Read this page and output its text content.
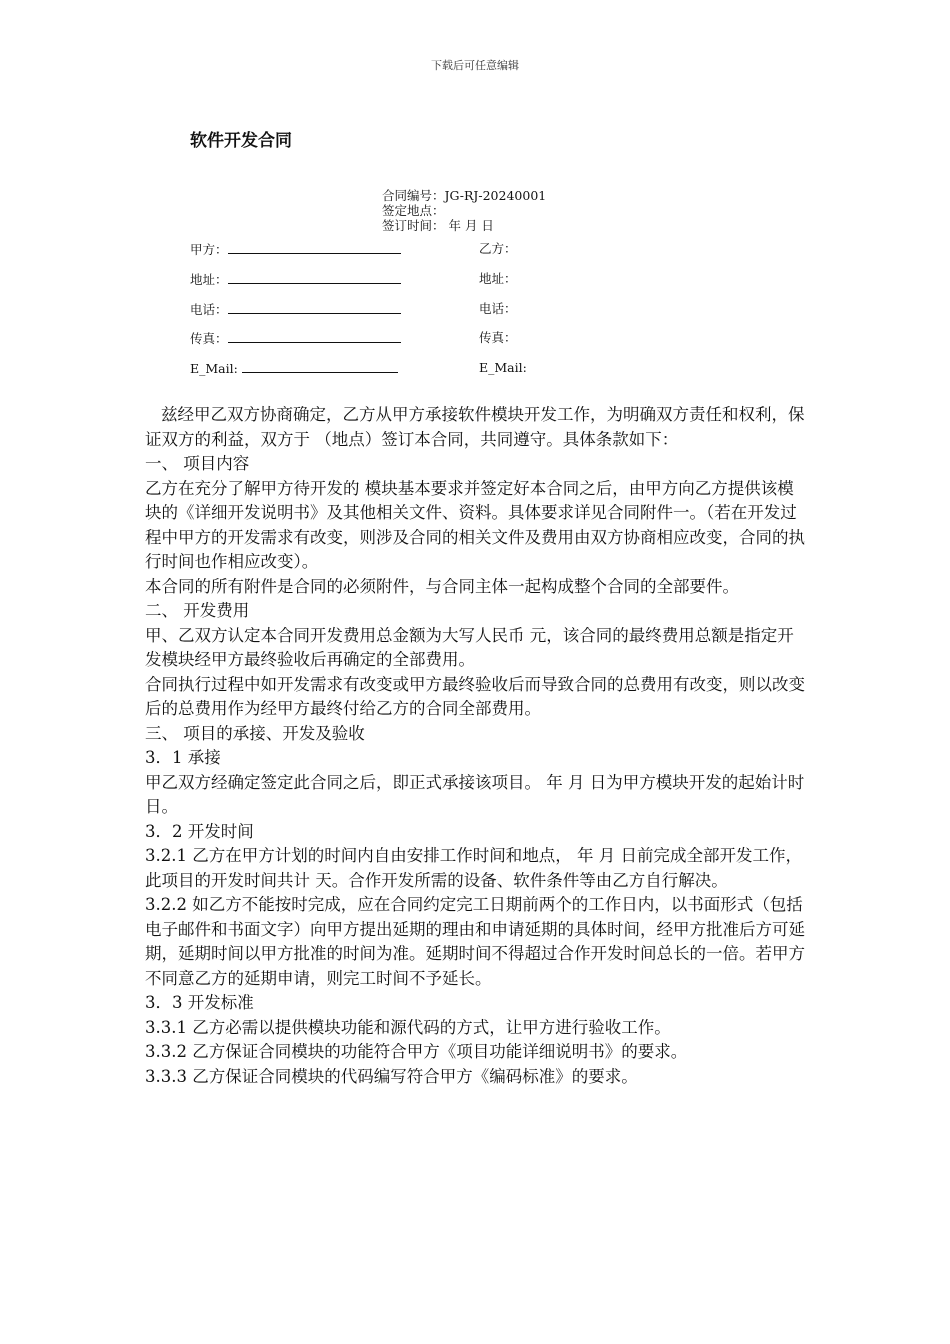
下载后可任意编辑
软件开发合同
合同编号：JG-RJ-20240001
签定地点：
签订时间： 年 月 日
甲方：
地址：
电话：
传真：
E_Mail:
乙方：
地址：
电话：
传真：
E_Mail:

兹经甲乙双方协商确定，乙方从甲方承接软件模块开发工作，为明确双方责任和权利，保证双方的利益，双方于 （地点）签订本合同，共同遵守。具体条款如下：

一、 项目内容

乙方在充分了解甲方待开发的 模块基本要求并签定好本合同之后，由甲方向乙方提供该模块的《详细开发说明书》及其他相关文件、资料。具体要求详见合同附件一。（若在开发过程中甲方的开发需求有改变，则涉及合同的相关文件及费用由双方协商相应改变，合同的执行时间也作相应改变）。

本合同的所有附件是合同的必须附件，与合同主体一起构成整个合同的全部要件。

二、 开发费用

甲、乙双方认定本合同开发费用总金额为大写人民币 元，该合同的最终费用总额是指定开发模块经甲方最终验收后再确定的全部费用。

合同执行过程中如开发需求有改变或甲方最终验收后而导致合同的总费用有改变，则以改变后的总费用作为经甲方最终付给乙方的合同全部费用。

三、 项目的承接、开发及验收

3．1 承接

甲乙双方经确定签定此合同之后，即正式承接该项目。 年 月 日为甲方模块开发的起始计时日。

3．2 开发时间

3.2.1 乙方在甲方计划的时间内自由安排工作时间和地点， 年 月 日前完成全部开发工作，此项目的开发时间共计 天。合作开发所需的设备、软件条件等由乙方自行解决。

3.2.2 如乙方不能按时完成，应在合同约定完工日期前两个的工作日内，以书面形式（包括电子邮件和书面文字）向甲方提出延期的理由和申请延期的具体时间，经甲方批准后方可延期，延期时间以甲方批准的时间为准。延期时间不得超过合作开发时间总长的一倍。若甲方不同意乙方的延期申请，则完工时间不予延长。

3．3 开发标准

3.3.1 乙方必需以提供模块功能和源代码的方式，让甲方进行验收工作。

3.3.2 乙方保证合同模块的功能符合甲方《项目功能详细说明书》的要求。

3.3.3 乙方保证合同模块的代码编写符合甲方《编码标准》的要求。
